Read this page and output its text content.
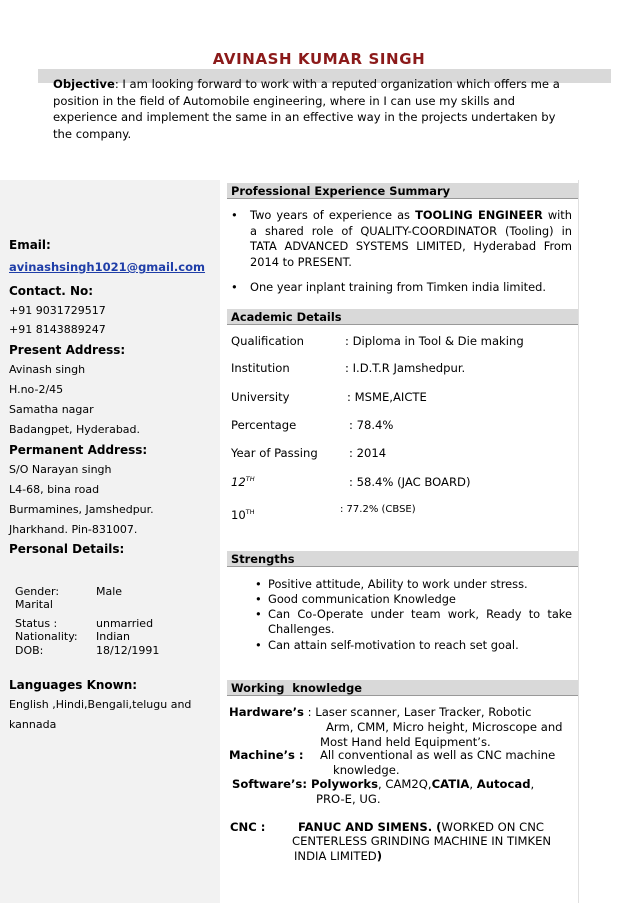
AVINASH KUMAR SINGH
Objective: I am looking forward to work with a reputed organization which offers me a position in the field of Automobile engineering, where in I can use my skills and experience and implement the same in an effective way in the projects undertaken by the company.
Email:
avinashsingh1021@gmail.com
Contact. No:
+91 9031729517
+91 8143889247
Present Address:
Avinash singh
H.no-2/45
Samatha nagar
Badangpet, Hyderabad.
Permanent Address:
S/O Narayan singh
L4-68, bina road
Burmamines, Jamshedpur.
Jharkhand. Pin-831007.
Personal Details:
Gender:	Male
Marital
Status :	unmarried
Nationality: Indian
DOB:	18/12/1991
Languages Known:
English ,Hindi,Bengali,telugu and
kannada
Professional Experience Summary
• Two years of experience as TOOLING ENGINEER with a shared role of QUALITY-COORDINATOR (Tooling) in TATA ADVANCED SYSTEMS LIMITED, Hyderabad From 2014 to PRESENT.
• One year inplant training from Timken india limited.
Academic Details
Qualification	: Diploma in Tool & Die making
Institution	: I.D.T.R Jamshedpur.
University	: MSME,AICTE
Percentage	: 78.4%
Year of Passing	: 2014
12TH	: 58.4% (JAC BOARD)
10TH	: 77.2% (CBSE)
Strengths
• Positive attitude, Ability to work under stress.
• Good communication Knowledge
• Can Co-Operate under team work, Ready to take Challenges.
• Can attain self-motivation to reach set goal.
Working  knowledge
Hardware’s : Laser scanner, Laser Tracker, Robotic
Arm, CMM, Micro height, Microscope and
Most Hand held Equipment’s.
Machine’s : All conventional as well as CNC machine
knowledge.
Software’s: Polyworks, CAM2Q,CATIA, Autocad,
PRO-E, UG.
CNC :	FANUC AND SIMENS. (WORKED ON CNC
CENTERLESS GRINDING MACHINE IN TIMKEN
INDIA LIMITED)
